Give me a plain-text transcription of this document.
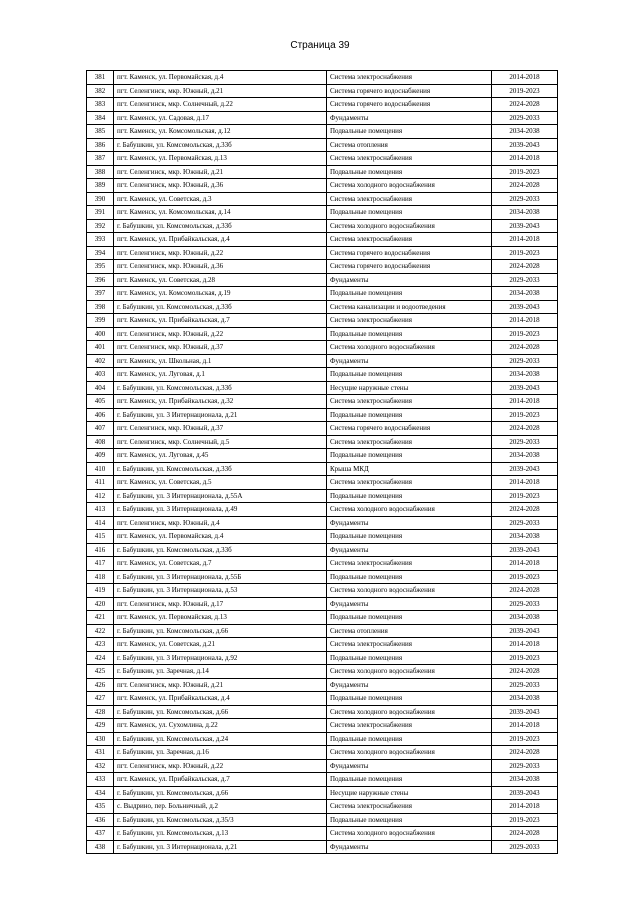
Страница 39
381	пгт. Каменск, ул. Первомайская, д.4	Система электроснабжения	2014-2018
382	пгт. Селенгинск, мкр. Южный, д.21	Система горячего водоснабжения	2019-2023
383	пгт. Селенгинск, мкр. Солнечный, д.22	Система горячего водоснабжения	2024-2028
384	пгт. Каменск, ул. Садовая, д.17	Фундаменты	2029-2033
385	пгт. Каменск, ул. Комсомольская, д.12	Подвальные помещения	2034-2038
386	г. Бабушкин, ул. Комсомольская, д.33б	Система отопления	2039-2043
387	пгт. Каменск, ул. Первомайская, д.13	Система электроснабжения	2014-2018
388	пгт. Селенгинск, мкр. Южный, д.21	Подвальные помещения	2019-2023
389	пгт. Селенгинск, мкр. Южный, д.36	Система холодного водоснабжения	2024-2028
390	пгт. Каменск, ул. Советская, д.3	Система электроснабжения	2029-2033
391	пгт. Каменск, ул. Комсомольская, д.14	Подвальные помещения	2034-2038
392	г. Бабушкин, ул. Комсомольская, д.33б	Система холодного водоснабжения	2039-2043
393	пгт. Каменск, ул. Прибайкальская, д.4	Система электроснабжения	2014-2018
394	пгт. Селенгинск, мкр. Южный, д.22	Система горячего водоснабжения	2019-2023
395	пгт. Селенгинск, мкр. Южный, д.36	Система горячего водоснабжения	2024-2028
396	пгт. Каменск, ул. Советская, д.28	Фундаменты	2029-2033
397	пгт. Каменск, ул. Комсомольская, д.19	Подвальные помещения	2034-2038
398	г. Бабушкин, ул. Комсомольская, д.33б	Система канализации и водоотведения	2039-2043
399	пгт. Каменск, ул. Прибайкальская, д.7	Система электроснабжения	2014-2018
400	пгт. Селенгинск, мкр. Южный, д.22	Подвальные помещения	2019-2023
401	пгт. Селенгинск, мкр. Южный, д.37	Система холодного водоснабжения	2024-2028
402	пгт. Каменск, ул. Школьная, д.1	Фундаменты	2029-2033
403	пгт. Каменск, ул. Луговая, д.1	Подвальные помещения	2034-2038
404	г. Бабушкин, ул. Комсомольская, д.33б	Несущие наружные стены	2039-2043
405	пгт. Каменск, ул. Прибайкальская, д.32	Система электроснабжения	2014-2018
406	г. Бабушкин, ул. 3 Интернационала, д.21	Подвальные помещения	2019-2023
407	пгт. Селенгинск, мкр. Южный, д.37	Система горячего водоснабжения	2024-2028
408	пгт. Селенгинск, мкр. Солнечный, д.5	Система электроснабжения	2029-2033
409	пгт. Каменск, ул. Луговая, д.45	Подвальные помещения	2034-2038
410	г. Бабушкин, ул. Комсомольская, д.33б	Крыша МКД	2039-2043
411	пгт. Каменск, ул. Советская, д.5	Система электроснабжения	2014-2018
412	г. Бабушкин, ул. 3 Интернационала, д.55А	Подвальные помещения	2019-2023
413	г. Бабушкин, ул. 3 Интернационала, д.49	Система холодного водоснабжения	2024-2028
414	пгт. Селенгинск, мкр. Южный, д.4	Фундаменты	2029-2033
415	пгт. Каменск, ул. Первомайская, д.4	Подвальные помещения	2034-2038
416	г. Бабушкин, ул. Комсомольская, д.33б	Фундаменты	2039-2043
417	пгт. Каменск, ул. Советская, д.7	Система электроснабжения	2014-2018
418	г. Бабушкин, ул. 3 Интернационала, д.55Б	Подвальные помещения	2019-2023
419	г. Бабушкин, ул. 3 Интернационала, д.53	Система холодного водоснабжения	2024-2028
420	пгт. Селенгинск, мкр. Южный, д.17	Фундаменты	2029-2033
421	пгт. Каменск, ул. Первомайская, д.13	Подвальные помещения	2034-2038
422	г. Бабушкин, ул. Комсомольская, д.66	Система отопления	2039-2043
423	пгт. Каменск, ул. Советская, д.21	Система электроснабжения	2014-2018
424	г. Бабушкин, ул. 3 Интернационала, д.92	Подвальные помещения	2019-2023
425	г. Бабушкин, ул. Заречная, д.14	Система холодного водоснабжения	2024-2028
426	пгт. Селенгинск, мкр. Южный, д.21	Фундаменты	2029-2033
427	пгт. Каменск, ул. Прибайкальская, д.4	Подвальные помещения	2034-2038
428	г. Бабушкин, ул. Комсомольская, д.66	Система холодного водоснабжения	2039-2043
429	пгт. Каменск, ул. Сухомлина, д.22	Система электроснабжения	2014-2018
430	г. Бабушкин, ул. Комсомольская, д.24	Подвальные помещения	2019-2023
431	г. Бабушкин, ул. Заречная, д.16	Система холодного водоснабжения	2024-2028
432	пгт. Селенгинск, мкр. Южный, д.22	Фундаменты	2029-2033
433	пгт. Каменск, ул. Прибайкальская, д.7	Подвальные помещения	2034-2038
434	г. Бабушкин, ул. Комсомольская, д.66	Несущие наружные стены	2039-2043
435	с. Выдрино, пер. Больничный, д.2	Система электроснабжения	2014-2018
436	г. Бабушкин, ул. Комсомольская, д.35/3	Подвальные помещения	2019-2023
437	г. Бабушкин, ул. Комсомольская, д.13	Система холодного водоснабжения	2024-2028
438	г. Бабушкин, ул. 3 Интернационала, д.21	Фундаменты	2029-2033
